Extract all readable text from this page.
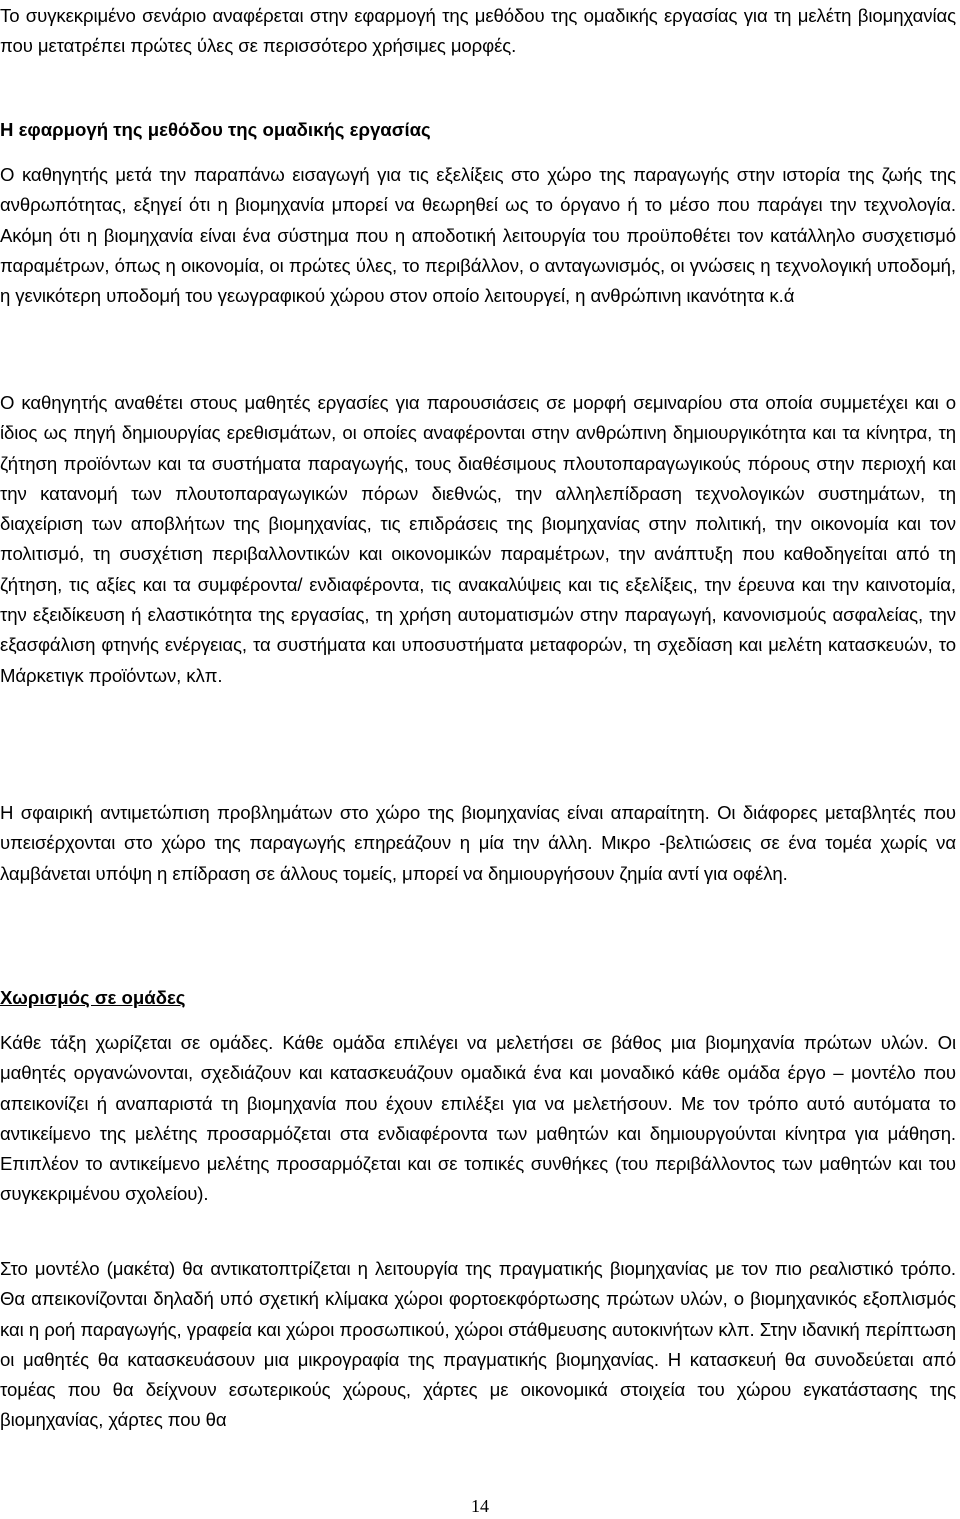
Το συγκεκριμένο σενάριο αναφέρεται στην εφαρμογή της μεθόδου της ομαδικής εργασίας για τη μελέτη βιομηχανίας που μετατρέπει πρώτες ύλες σε περισσότερο χρήσιμες μορφές.

Η εφαρμογή της μεθόδου της ομαδικής εργασίας

Ο καθηγητής μετά την παραπάνω εισαγωγή για τις εξελίξεις στο χώρο της παραγωγής στην ιστορία της ζωής της ανθρωπότητας, εξηγεί ότι η βιομηχανία μπορεί να θεωρηθεί ως το όργανο ή το μέσο που παράγει την τεχνολογία. Ακόμη ότι η βιομηχανία είναι ένα σύστημα που η αποδοτική λειτουργία του προϋποθέτει τον κατάλληλο συσχετισμό παραμέτρων, όπως η οικονομία, οι πρώτες ύλες, το περιβάλλον, ο ανταγωνισμός, οι γνώσεις η τεχνολογική υποδομή, η γενικότερη υποδομή του γεωγραφικού χώρου στον οποίο λειτουργεί, η ανθρώπινη ικανότητα κ.ά

Ο καθηγητής αναθέτει στους μαθητές εργασίες για παρουσιάσεις σε μορφή σεμιναρίου στα οποία συμμετέχει και ο ίδιος ως πηγή δημιουργίας ερεθισμάτων, οι οποίες αναφέρονται στην ανθρώπινη δημιουργικότητα και τα κίνητρα, τη ζήτηση προϊόντων και τα συστήματα παραγωγής, τους διαθέσιμους πλουτοπαραγωγικούς πόρους στην περιοχή και την κατανομή των πλουτοπαραγωγικών πόρων διεθνώς, την αλληλεπίδραση τεχνολογικών συστημάτων, τη διαχείριση των αποβλήτων της βιομηχανίας, τις επιδράσεις της βιομηχανίας στην πολιτική, την οικονομία και τον πολιτισμό, τη συσχέτιση περιβαλλοντικών και οικονομικών παραμέτρων, την ανάπτυξη που καθοδηγείται από τη ζήτηση, τις αξίες και τα συμφέροντα/ ενδιαφέροντα, τις ανακαλύψεις και τις εξελίξεις, την έρευνα και την καινοτομία, την εξειδίκευση ή ελαστικότητα της εργασίας, τη χρήση αυτοματισμών στην παραγωγή, κανονισμούς ασφαλείας, την εξασφάλιση φτηνής ενέργειας, τα συστήματα και υποσυστήματα μεταφορών, τη σχεδίαση και μελέτη κατασκευών, το Μάρκετιγκ προϊόντων, κλπ.

Η σφαιρική αντιμετώπιση προβλημάτων στο χώρο της βιομηχανίας είναι απαραίτητη. Οι διάφορες μεταβλητές που υπεισέρχονται στο χώρο της παραγωγής επηρεάζουν η μία την άλλη. Μικρο -βελτιώσεις σε ένα τομέα χωρίς να λαμβάνεται υπόψη η επίδραση σε άλλους τομείς, μπορεί να δημιουργήσουν ζημία αντί για οφέλη.

Χωρισμός σε ομάδες

Κάθε τάξη χωρίζεται σε ομάδες. Κάθε ομάδα επιλέγει να μελετήσει σε βάθος μια βιομηχανία πρώτων υλών. Οι μαθητές οργανώνονται, σχεδιάζουν και κατασκευάζουν ομαδικά ένα και μοναδικό κάθε ομάδα έργο – μοντέλο που απεικονίζει ή αναπαριστά τη βιομηχανία που έχουν επιλέξει για να μελετήσουν. Με τον τρόπο αυτό αυτόματα το αντικείμενο της μελέτης προσαρμόζεται στα ενδιαφέροντα των μαθητών και δημιουργούνται κίνητρα για μάθηση. Επιπλέον το αντικείμενο μελέτης προσαρμόζεται και σε τοπικές συνθήκες (του περιβάλλοντος των μαθητών και του συγκεκριμένου σχολείου).

Στο μοντέλο (μακέτα) θα αντικατοπτρίζεται η λειτουργία της πραγματικής βιομηχανίας με τον πιο ρεαλιστικό τρόπο. Θα απεικονίζονται δηλαδή υπό σχετική κλίμακα χώροι φορτοεκφόρτωσης πρώτων υλών, ο βιομηχανικός εξοπλισμός και η ροή παραγωγής, γραφεία και χώροι προσωπικού, χώροι στάθμευσης αυτοκινήτων κλπ. Στην ιδανική περίπτωση οι μαθητές θα κατασκευάσουν μια μικρογραφία της πραγματικής βιομηχανίας. Η κατασκευή θα συνοδεύεται από τομέας που θα δείχνουν εσωτερικούς χώρους, χάρτες με οικονομικά στοιχεία του χώρου εγκατάστασης της βιομηχανίας, χάρτες που θα

14
